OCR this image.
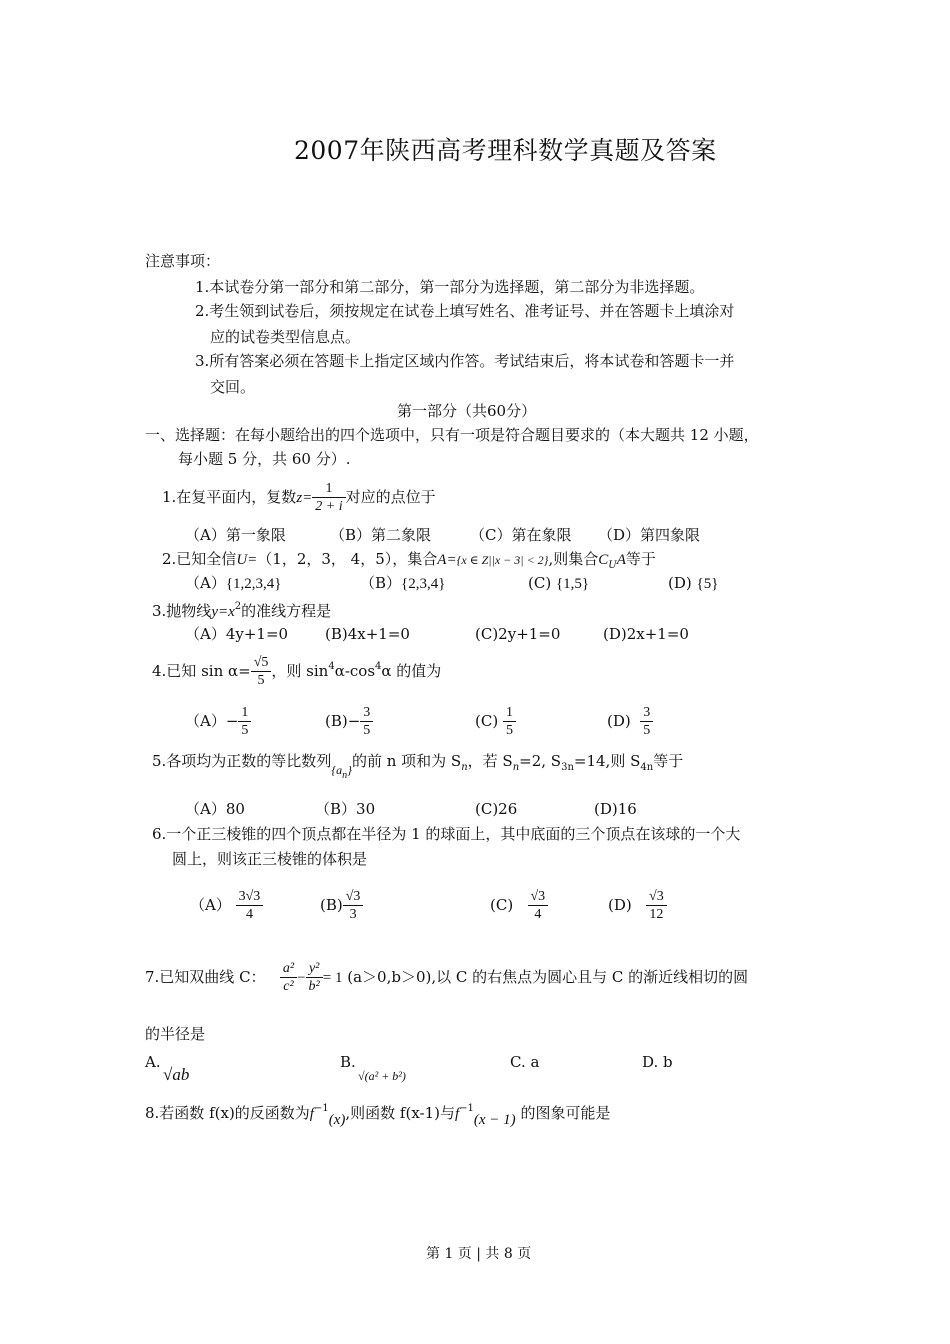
2007年陕西高考理科数学真题及答案
注意事项：
1.本试卷分第一部分和第二部分，第一部分为选择题，第二部分为非选择题。
2.考生领到试卷后，须按规定在试卷上填写姓名、准考证号、并在答题卡上填涂对
应的试卷类型信息点。
3.所有答案必须在答题卡上指定区域内作答。考试结束后，将本试卷和答题卡一并
交回。
第一部分（共60分）
一、选择题：在每小题给出的四个选项中，只有一项是符合题目要求的（本大题共 12 小题，
每小题 5 分，共 60 分）.
1.在复平面内，复数$z= \frac{1}{2 + i}$ 对应的点位于
（A）第一象限	（B）第二象限	（C）第在象限 （D）第四象限
2.已知全信U=（1，2，3， 4，5），集合A={x ∈ Z||x − 3| < 2},则集合$C_UA$等于
（A）{1,2,3,4}	（B）{2,3,4}	(C) {1,5}	(D) {5}
3.抛物线$y=x^2$的准线方程是
（A）4y+1=0 (B)4x+1=0	(C)2y+1=0	(D)2x+1=0
4.已知 $\sin \alpha= \frac{√5}{5}$ ，则 $\sin^4\alpha-\cos^4\alpha$ 的值为
$(A)- \frac{1}{5}$	$(B)- \frac{3}{5}$	$(C) \frac{1}{5}$	$(D) \frac{3}{5}$
5.各项均为正数的等比数列$_{\{a_n\}}$的前 n 项和为 $S_n$，若 $S_n=2$, $S_{3n}=14$,则 $S_{4n}$等于
（A）80	（B）30	(C)26	(D)16
6.一个正三棱锥的四个顶点都在半径为 1 的球面上，其中底面的三个顶点在该球的一个大
圆上，则该正三棱锥的体积是
$(A) \frac{3√3}{4}$	$(B) \frac{√3}{3}$	$(C) \frac{√3}{4}$	$(D) \frac{√3}{12}$
7.已知双曲线 C： $\frac{\text{a²}}{\text{c²}} - \frac{\text{y²}}{\text{b²}} = 1$ (a＞0,b＞0),以 C 的右焦点为圆心且与 C 的渐近线相切的圆
的半径是
A.
√ab
B.
√(a² + b²)
C. a	D. b
8.若函数 f(x)的反函数为$f^{-1}(x)$,则函数 f(x-1)与$f^{-1}(x - 1)$ 的图象可能是
第 1 页 | 共 8 页
